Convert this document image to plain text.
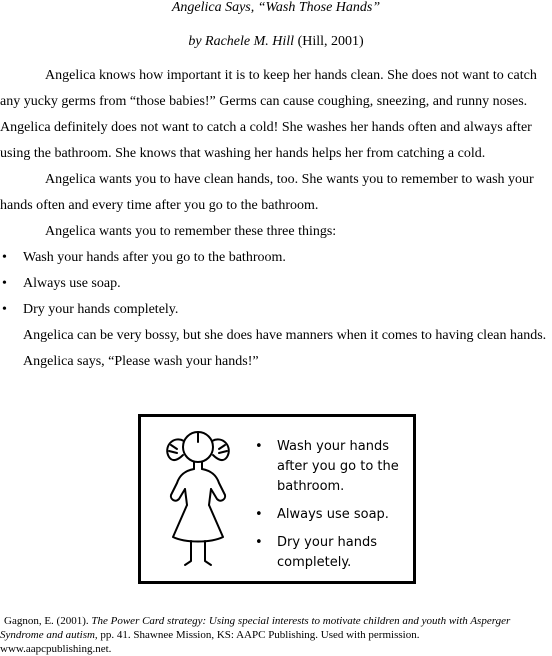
Angelica Says, “Wash Those Hands”
by Rachele M. Hill (Hill, 2001)

Angelica knows how important it is to keep her hands clean. She does not want to catch any yucky germs from “those babies!” Germs can cause coughing, sneezing, and runny noses. Angelica definitely does not want to catch a cold! She washes her hands often and always after using the bathroom. She knows that washing her hands helps her from catching a cold.

Angelica wants you to have clean hands, too. She wants you to remember to wash your hands often and every time after you go to the bathroom.

Angelica wants you to remember these three things:

• Wash your hands after you go to the bathroom.
• Always use soap.
• Dry your hands completely.

Angelica can be very bossy, but she does have manners when it comes to having clean hands. Angelica says, “Please wash your hands!”

• Wash your hands after you go to the bathroom.
• Always use soap.
• Dry your hands completely.
Gagnon, E. (2001). The Power Card strategy: Using special interests to motivate children and youth with Asperger Syndrome and autism, pp. 41. Shawnee Mission, KS: AAPC Publishing. Used with permission.
www.aapcpublishing.net.
